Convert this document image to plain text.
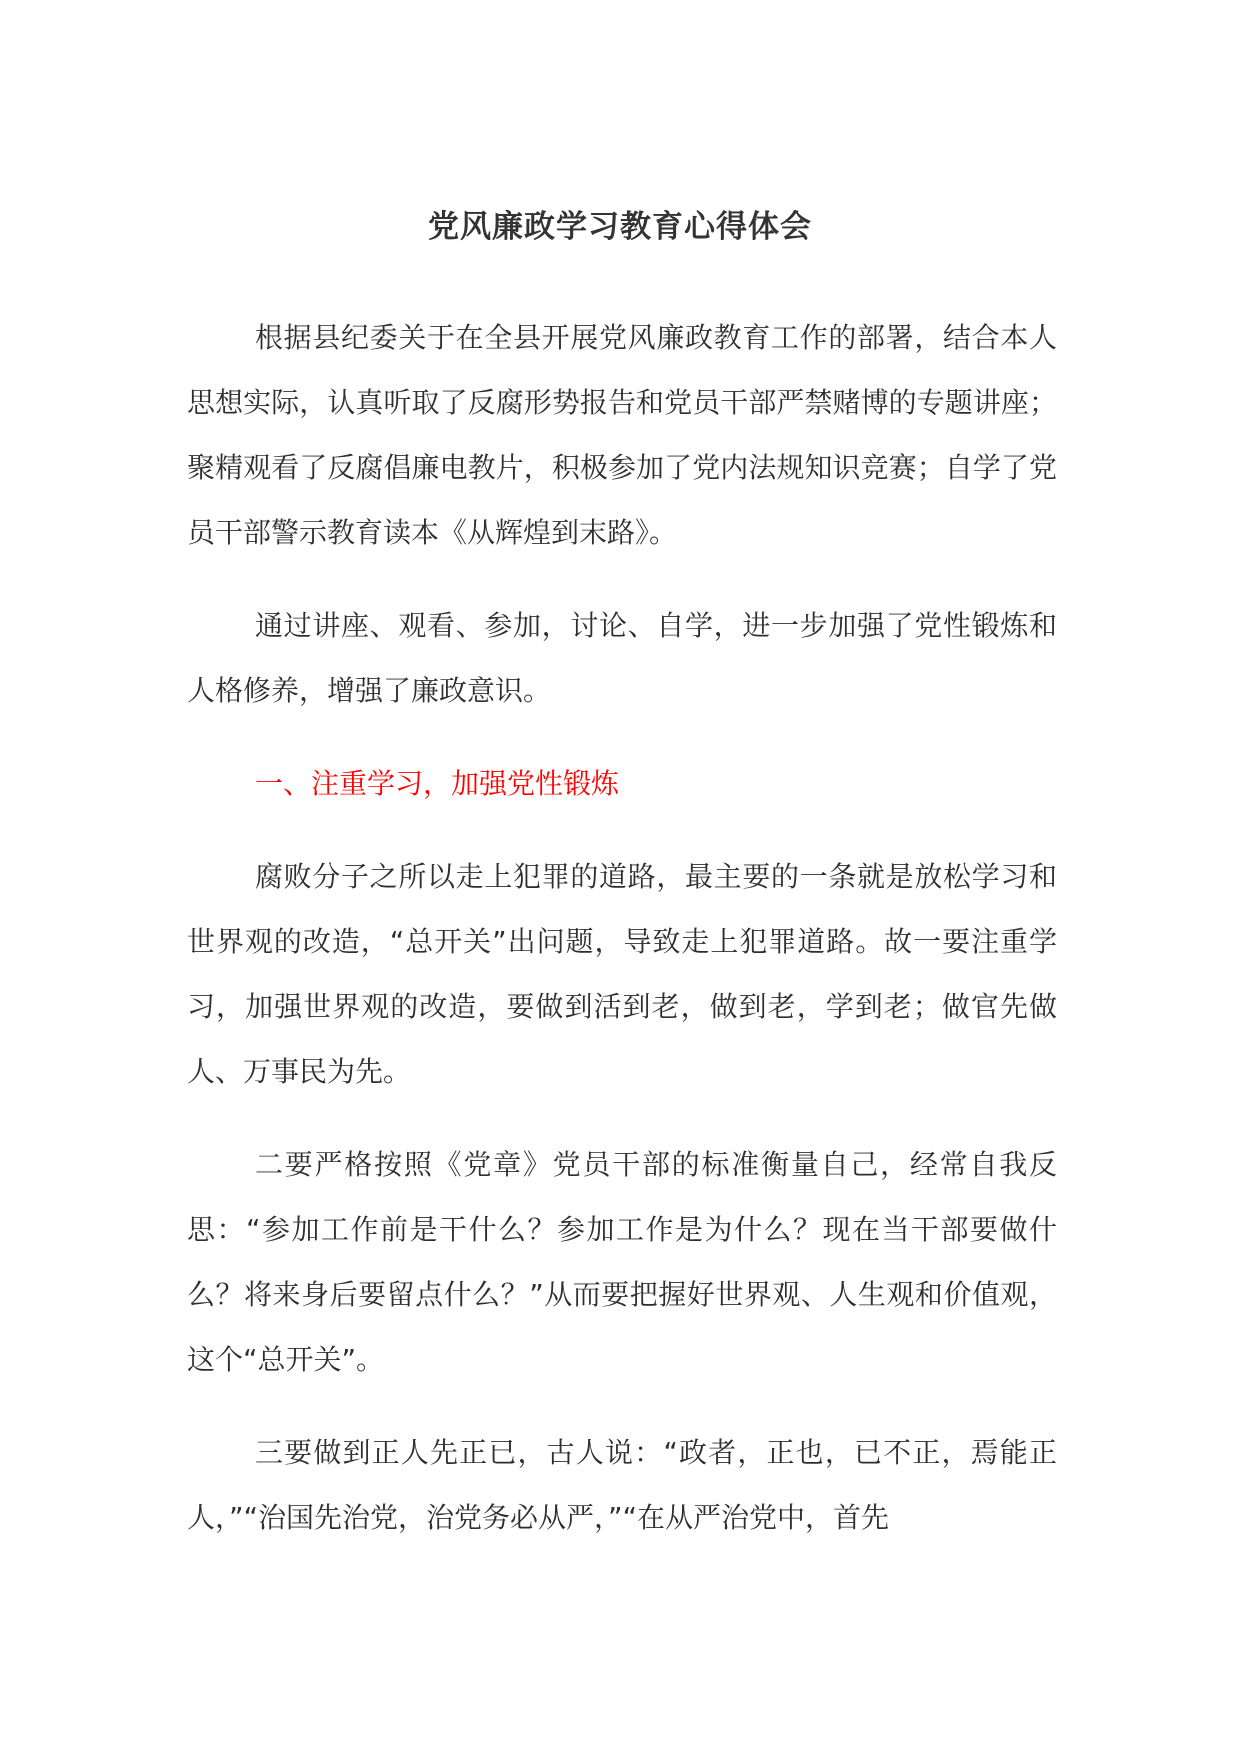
党风廉政学习教育心得体会

根据县纪委关于在全县开展党风廉政教育工作的部署，结合本人思想实际，认真听取了反腐形势报告和党员干部严禁赌博的专题讲座；聚精观看了反腐倡廉电教片，积极参加了党内法规知识竞赛；自学了党员干部警示教育读本《从辉煌到末路》。

通过讲座、观看、参加，讨论、自学，进一步加强了党性锻炼和人格修养，增强了廉政意识。

一、注重学习，加强党性锻炼

腐败分子之所以走上犯罪的道路，最主要的一条就是放松学习和世界观的改造，“总开关”出问题，导致走上犯罪道路。故一要注重学习，加强世界观的改造，要做到活到老，做到老，学到老；做官先做人、万事民为先。

二要严格按照《党章》党员干部的标准衡量自己，经常自我反思：“参加工作前是干什么？参加工作是为什么？现在当干部要做什么？将来身后要留点什么？”从而要把握好世界观、人生观和价值观，这个“总开关”。

三要做到正人先正已，古人说：“政者，正也，已不正，焉能正人，”“治国先治党，治党务必从严，”“在从严治党中，首先
